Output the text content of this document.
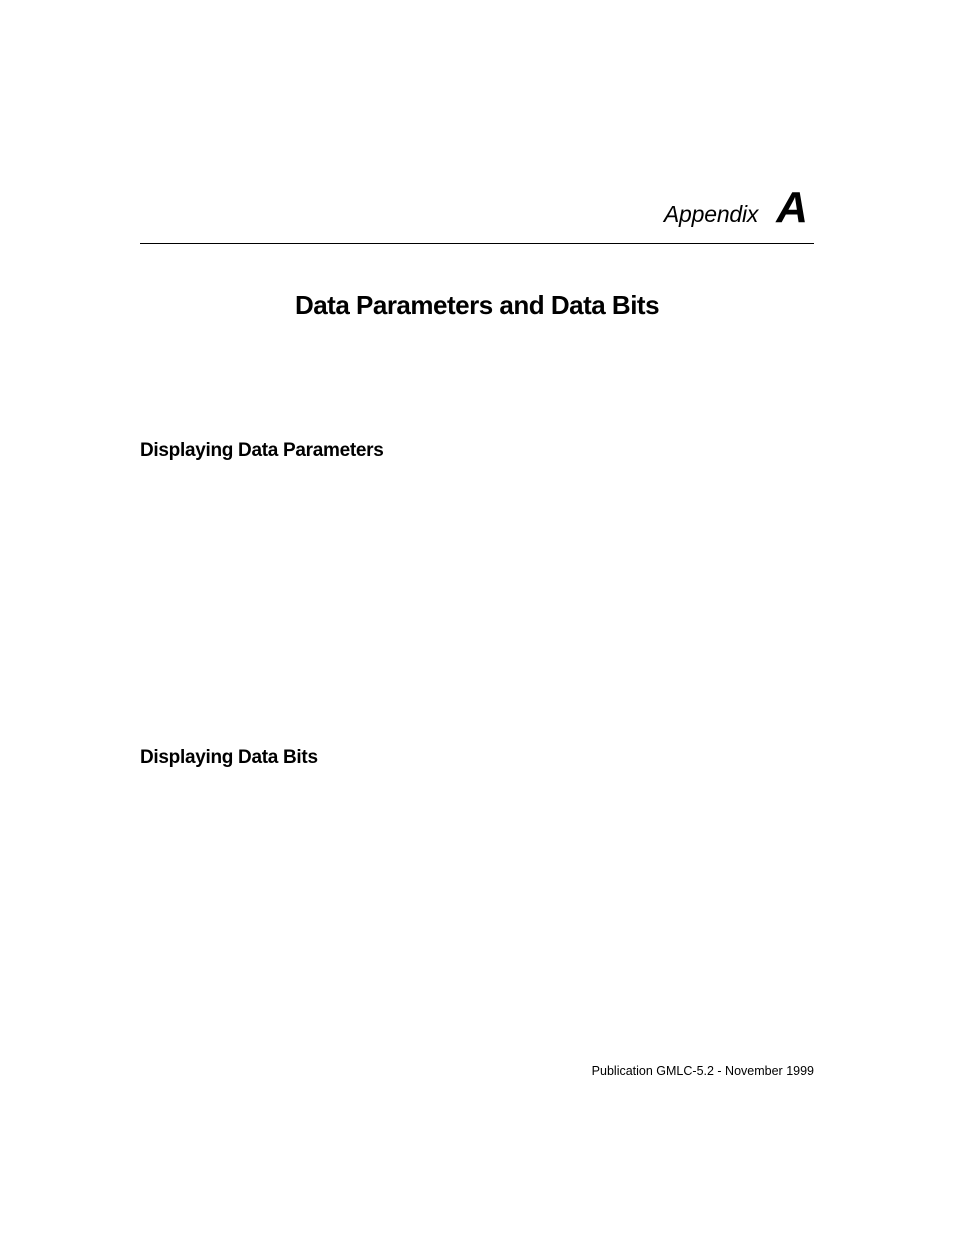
Appendix A
Data Parameters and Data Bits
Displaying Data Parameters
Displaying Data Bits
Publication GMLC-5.2 - November 1999
